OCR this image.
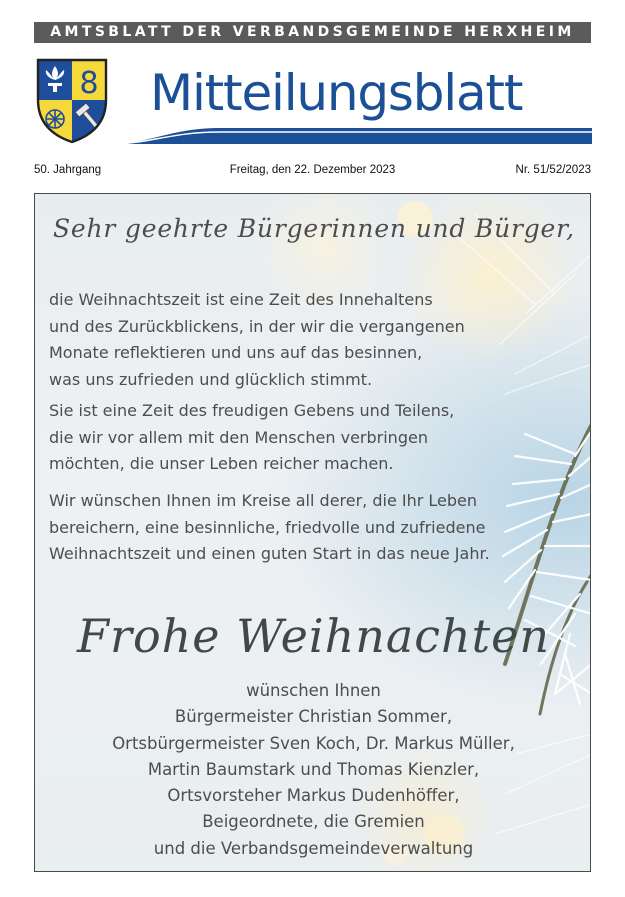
AMTSBLATT DER VERBANDSGEMEINDE HERXHEIM
8 Mitteilungsblatt
50. Jahrgang	Freitag, den 22. Dezember 2023	Nr. 51/52/2023
Sehr geehrte Bürgerinnen und Bürger,

die Weihnachtszeit ist eine Zeit des Innehaltens
und des Zurückblickens, in der wir die vergangenen
Monate reflektieren und uns auf das besinnen,
was uns zufrieden und glücklich stimmt.

Sie ist eine Zeit des freudigen Gebens und Teilens,
die wir vor allem mit den Menschen verbringen
möchten, die unser Leben reicher machen.

Wir wünschen Ihnen im Kreise all derer, die Ihr Leben
bereichern, eine besinnliche, friedvolle und zufriedene
Weihnachtszeit und einen guten Start in das neue Jahr.

Frohe Weihnachten

wünschen Ihnen
Bürgermeister Christian Sommer,
Ortsbürgermeister Sven Koch, Dr. Markus Müller,
Martin Baumstark und Thomas Kienzler,
Ortsvorsteher Markus Dudenhöffer,
Beigeordnete, die Gremien
und die Verbandsgemeindeverwaltung
